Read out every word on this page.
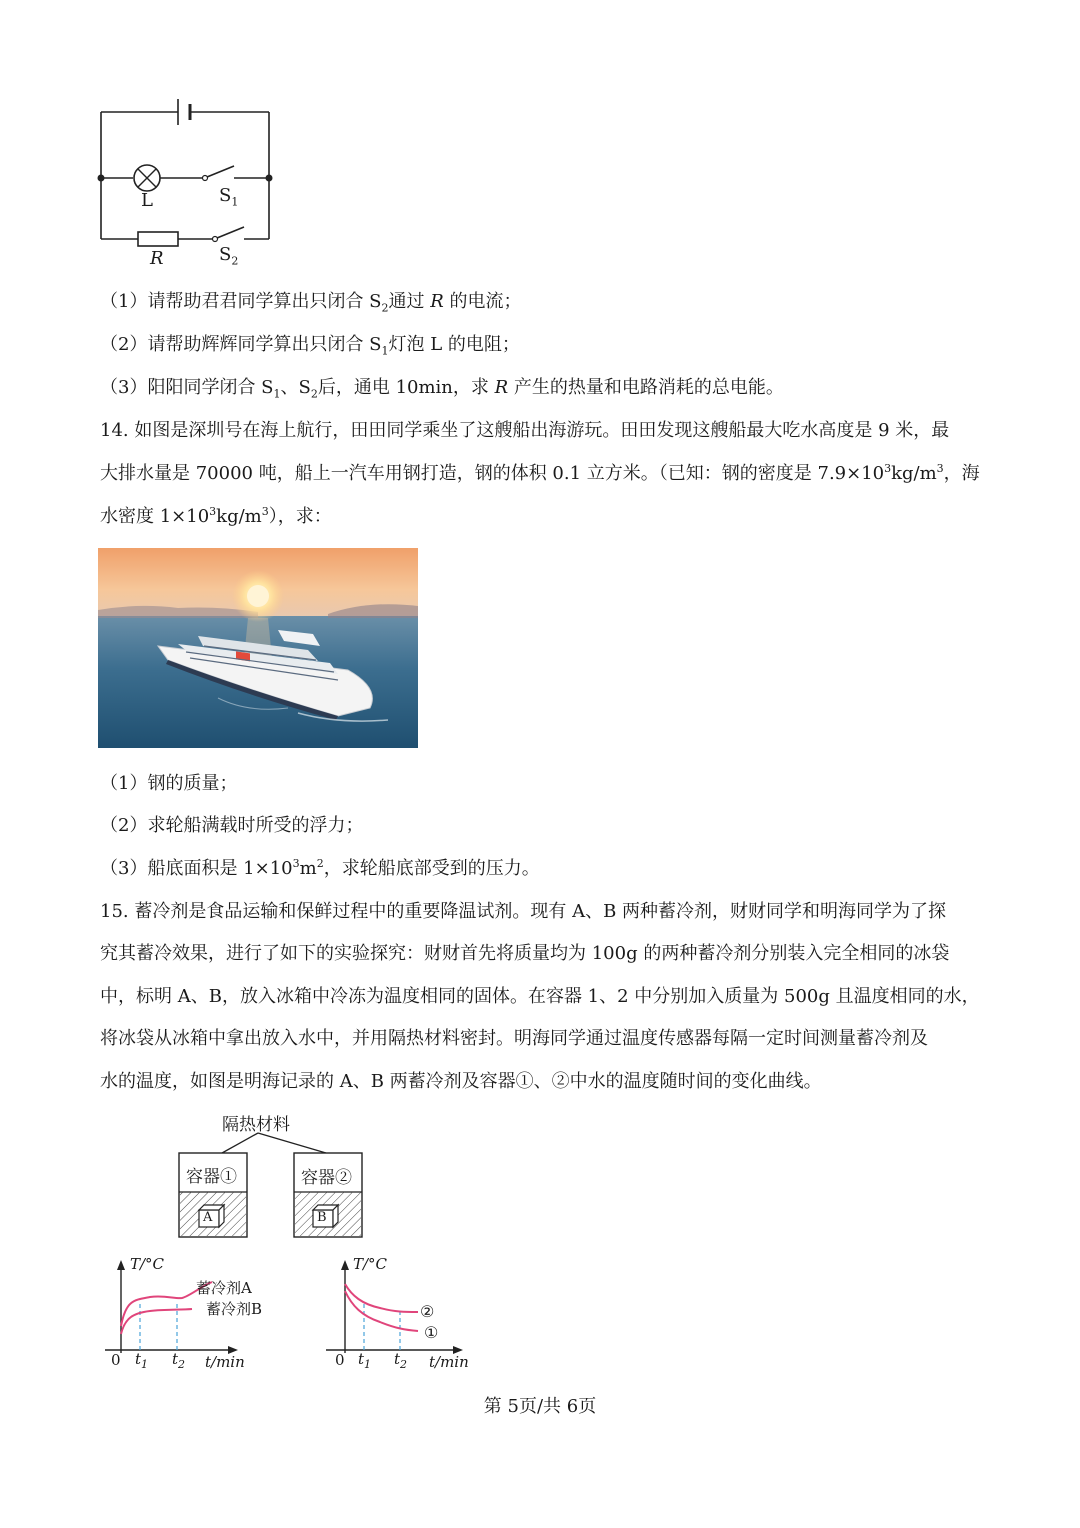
L	$S_1$
R	$S_2$
（1）请帮助君君同学算出只闭合 $S_2$通过 R 的电流；
（2）请帮助辉辉同学算出只闭合 $S_1$灯泡 L 的电阻；
（3）阳阳同学闭合 $S_1$、$S_2$后，通电 10min，求 R 产生的热量和电路消耗的总电能。
14. 如图是深圳号在海上航行，田田同学乘坐了这艘船出海游玩。田田发现这艘船最大吃水高度是 9 米，最
大排水量是 70000 吨，船上一汽车用钢打造，钢的体积 0.1 立方米。（已知：钢的密度是 $7.9\times 10^3kg/m^3$，海
水密度 $1\times 10^3kg/m^3$），求：
（1）钢的质量；
（2）求轮船满载时所受的浮力；
（3）船底面积是 $1\times 10^3m^2$，求轮船底部受到的压力。
15. 蓄冷剂是食品运输和保鲜过程中的重要降温试剂。现有 A、B 两种蓄冷剂，财财同学和明海同学为了探
究其蓄冷效果，进行了如下的实验探究：财财首先将质量均为 100g 的两种蓄冷剂分别装入完全相同的冰袋
中，标明 A、B，放入冰箱中冷冻为温度相同的固体。在容器 1、2 中分别加入质量为 500g 且温度相同的水，
将冰袋从冰箱中拿出放入水中，并用隔热材料密封。明海同学通过温度传感器每隔一定时间测量蓄冷剂及
水的温度，如图是明海记录的 A、B 两蓄冷剂及容器①、②中水的温度随时间的变化曲线。
隔热材料
容器①	容器②
A	B
T/°C
蓄冷剂A
蓄冷剂B
0 $t_1$ $t_2$ t/min
T/°C
②
①
0 $t_1$ $t_2$ t/min
第 5页/共 6页
